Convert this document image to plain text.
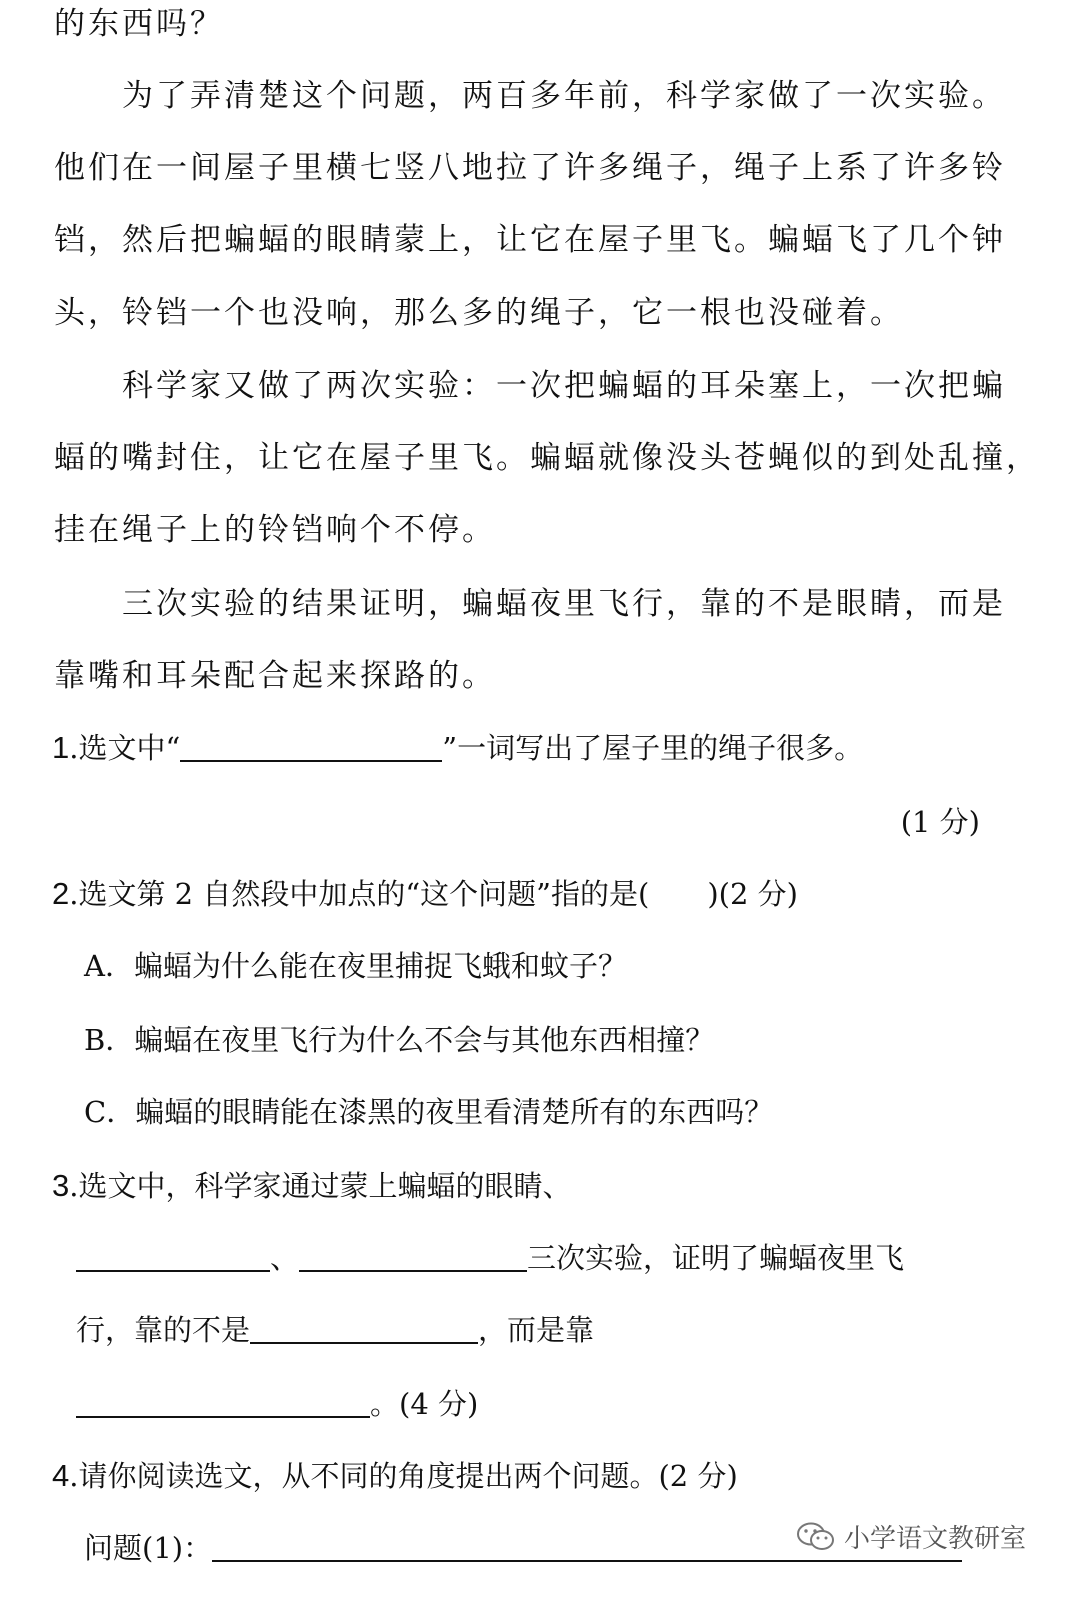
的东西吗？

　　为了弄清楚这个问题，两百多年前，科学家做了一次实验。

他们在一间屋子里横七竖八地拉了许多绳子，绳子上系了许多铃

铛，然后把蝙蝠的眼睛蒙上，让它在屋子里飞。蝙蝠飞了几个钟

头，铃铛一个也没响，那么多的绳子，它一根也没碰着。

　　科学家又做了两次实验：一次把蝙蝠的耳朵塞上，一次把蝙

蝠的嘴封住，让它在屋子里飞。蝙蝠就像没头苍蝇似的到处乱撞，

挂在绳子上的铃铛响个不停。

　　三次实验的结果证明，蝙蝠夜里飞行，靠的不是眼睛，而是

靠嘴和耳朵配合起来探路的。

1.选文中“	”一词写出了屋子里的绳子很多。

(1 分)

2.选文第 2 自然段中加点的“这个问题”指的是(　　)(2 分)

A．蝙蝠为什么能在夜里捕捉飞蛾和蚊子？

B．蝙蝠在夜里飞行为什么不会与其他东西相撞？

C．蝙蝠的眼睛能在漆黑的夜里看清楚所有的东西吗？

3.选文中，科学家通过蒙上蝙蝠的眼睛、

、	三次实验，证明了蝙蝠夜里飞

行，靠的不是	，而是靠

。(4 分)

4.请你阅读选文，从不同的角度提出两个问题。(2 分)

问题(1)：	小学语文教研室
